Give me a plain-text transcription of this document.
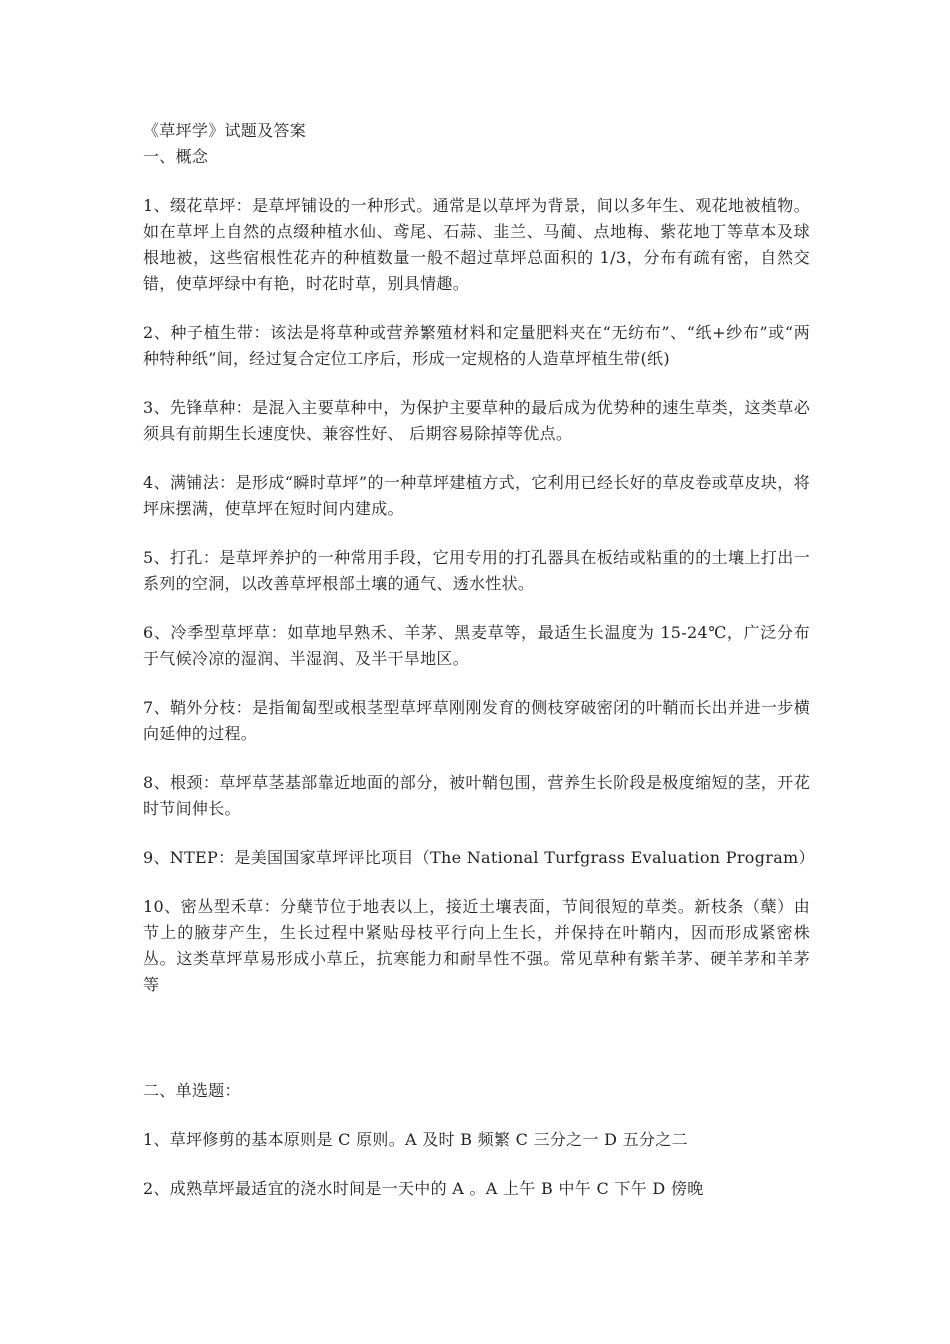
《草坪学》试题及答案

一、概念

1、缀花草坪：是草坪铺设的一种形式。通常是以草坪为背景，间以多年生、观花地被植物。如在草坪上自然的点缀种植水仙、鸢尾、石蒜、韭兰、马蔺、点地梅、紫花地丁等草本及球根地被，这些宿根性花卉的种植数量一般不超过草坪总面积的 1/3，分布有疏有密，自然交错，使草坪绿中有艳，时花时草，别具情趣。

2、种子植生带：该法是将草种或营养繁殖材料和定量肥料夹在“无纺布”、“纸+纱布”或“两种特种纸”间，经过复合定位工序后，形成一定规格的人造草坪植生带(纸)

3、先锋草种：是混入主要草种中，为保护主要草种的最后成为优势种的速生草类，这类草必须具有前期生长速度快、兼容性好、 后期容易除掉等优点。

4、满铺法：是形成“瞬时草坪”的一种草坪建植方式，它利用已经长好的草皮卷或草皮块，将坪床摆满，使草坪在短时间内建成。

5、打孔：是草坪养护的一种常用手段，它用专用的打孔器具在板结或粘重的的土壤上打出一系列的空洞，以改善草坪根部土壤的通气、透水性状。

6、冷季型草坪草：如草地早熟禾、羊茅、黑麦草等，最适生长温度为 15-24℃，广泛分布于气候冷凉的湿润、半湿润、及半干旱地区。

7、鞘外分枝：是指匍匐型或根茎型草坪草刚刚发育的侧枝穿破密闭的叶鞘而长出并进一步横向延伸的过程。

8、根颈：草坪草茎基部靠近地面的部分，被叶鞘包围，营养生长阶段是极度缩短的茎，开花时节间伸长。

9、NTEP：是美国国家草坪评比项目（The National Turfgrass Evaluation Program）

10、密丛型禾草：分蘖节位于地表以上，接近土壤表面，节间很短的草类。新枝条（蘖）由节上的腋芽产生，生长过程中紧贴母枝平行向上生长，并保持在叶鞘内，因而形成紧密株丛。这类草坪草易形成小草丘，抗寒能力和耐旱性不强。常见草种有紫羊茅、硬羊茅和羊茅等

二、单选题：

1、草坪修剪的基本原则是 C 原则。A 及时 B 频繁 C 三分之一 D 五分之二

2、成熟草坪最适宜的浇水时间是一天中的 A 。A 上午 B 中午 C 下午 D 傍晚
